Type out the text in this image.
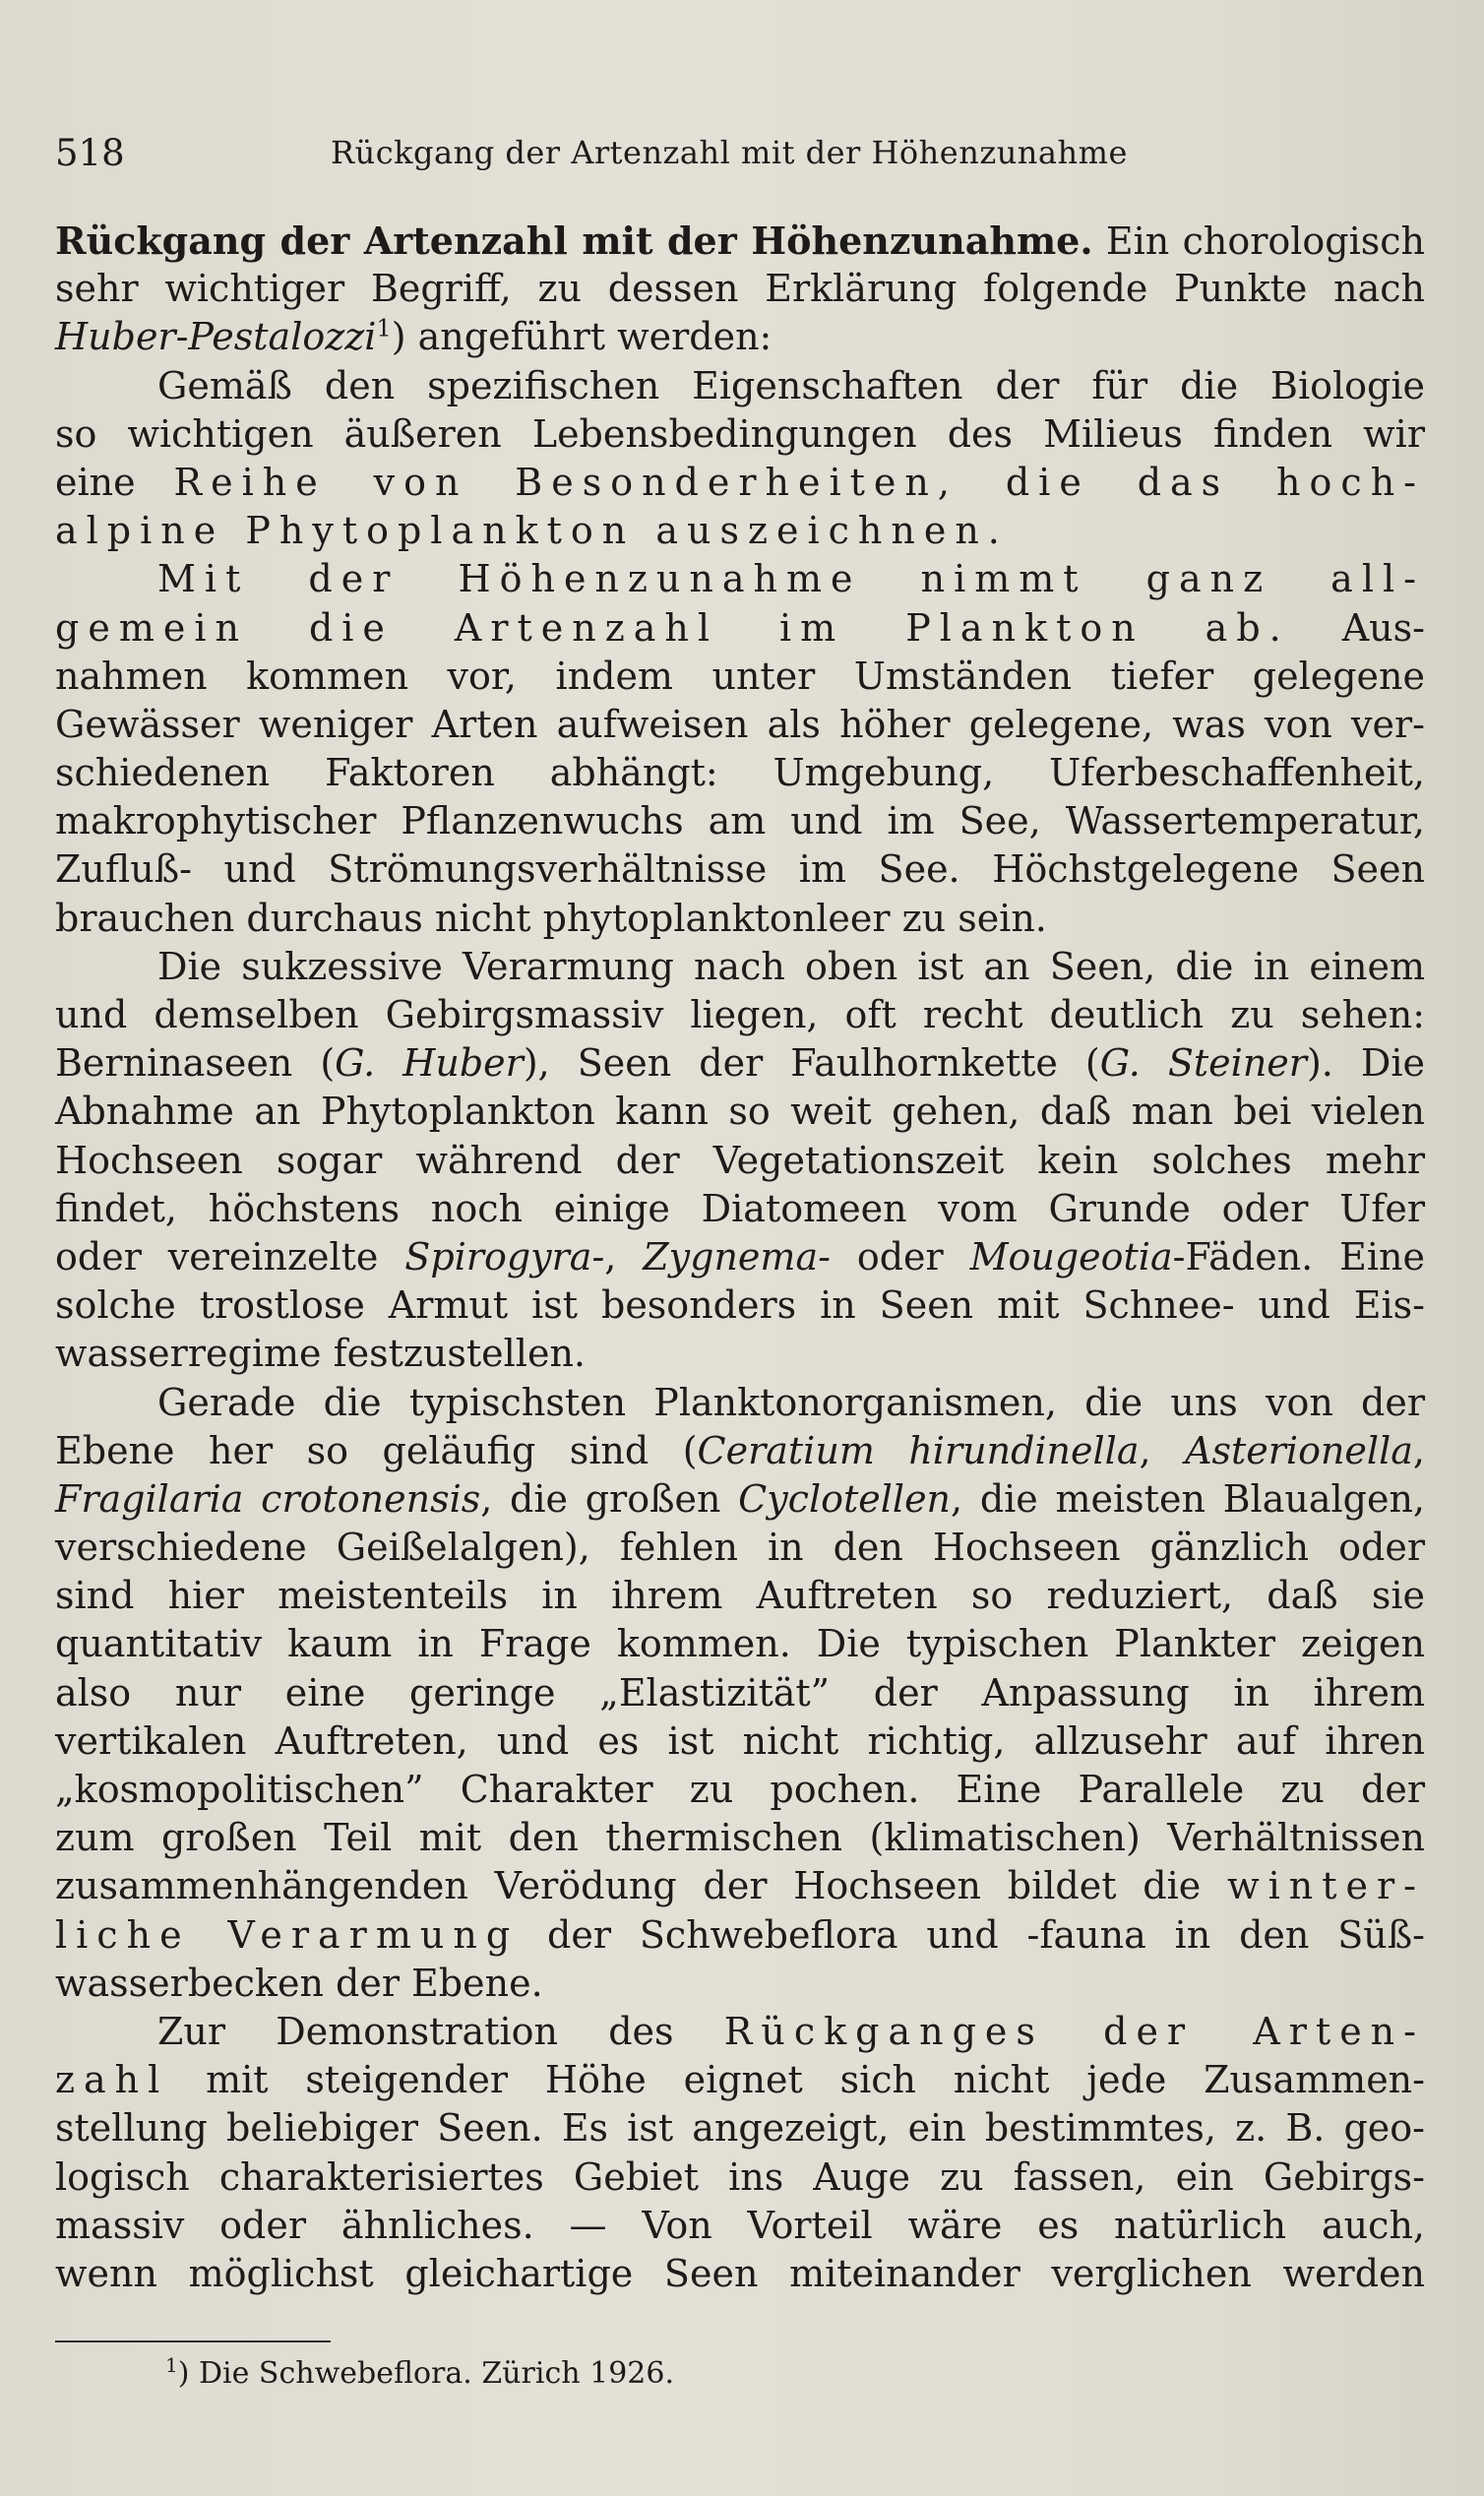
518	Rückgang der Artenzahl mit der Höhenzunahme
Rückgang der Artenzahl mit der Höhenzunahme. Ein chorologisch
sehr wichtiger Begriff, zu dessen Erklärung folgende Punkte nach
Huber-Pestalozzi$^1$) angeführt werden:
Gemäß den spezifischen Eigenschaften der für die Biologie
so wichtigen äußeren Lebensbedingungen des Milieus finden wir
eine Reihe von Besonderheiten, die das hoch-
alpine Phytoplankton auszeichnen.
Mit der Höhenzunahme nimmt ganz all-
gemein die Artenzahl im Plankton ab. Aus-
nahmen kommen vor, indem unter Umständen tiefer gelegene
Gewässer weniger Arten aufweisen als höher gelegene, was von ver-
schiedenen Faktoren abhängt: Umgebung, Uferbeschaffenheit,
makrophytischer Pflanzenwuchs am und im See, Wassertemperatur,
Zufluß- und Strömungsverhältnisse im See. Höchstgelegene Seen
brauchen durchaus nicht phytoplanktonleer zu sein.
Die sukzessive Verarmung nach oben ist an Seen, die in einem
und demselben Gebirgsmassiv liegen, oft recht deutlich zu sehen:
Berninaseen (G. Huber), Seen der Faulhornkette (G. Steiner). Die
Abnahme an Phytoplankton kann so weit gehen, daß man bei vielen
Hochseen sogar während der Vegetationszeit kein solches mehr
findet, höchstens noch einige Diatomeen vom Grunde oder Ufer
oder vereinzelte Spirogyra-, Zygnema- oder Mougeotia-Fäden. Eine
solche trostlose Armut ist besonders in Seen mit Schnee- und Eis-
wasserregime festzustellen.
Gerade die typischsten Planktonorganismen, die uns von der
Ebene her so geläufig sind (Ceratium hirundinella, Asterionella,
Fragilaria crotonensis, die großen Cyclotellen, die meisten Blaualgen,
verschiedene Geißelalgen), fehlen in den Hochseen gänzlich oder
sind hier meistenteils in ihrem Auftreten so reduziert, daß sie
quantitativ kaum in Frage kommen. Die typischen Plankter zeigen
also nur eine geringe „Elastizität” der Anpassung in ihrem
vertikalen Auftreten, und es ist nicht richtig, allzusehr auf ihren
„kosmopolitischen” Charakter zu pochen. Eine Parallele zu der
zum großen Teil mit den thermischen (klimatischen) Verhältnissen
zusammenhängenden Verödung der Hochseen bildet die winter-
liche Verarmung der Schwebeflora und -fauna in den Süß-
wasserbecken der Ebene.
Zur Demonstration des Rückganges der Arten-
zahl mit steigender Höhe eignet sich nicht jede Zusammen-
stellung beliebiger Seen. Es ist angezeigt, ein bestimmtes, z. B. geo-
logisch charakterisiertes Gebiet ins Auge zu fassen, ein Gebirgs-
massiv oder ähnliches. — Von Vorteil wäre es natürlich auch,
wenn möglichst gleichartige Seen miteinander verglichen werden
$^1$) Die Schwebeflora. Zürich 1926.
